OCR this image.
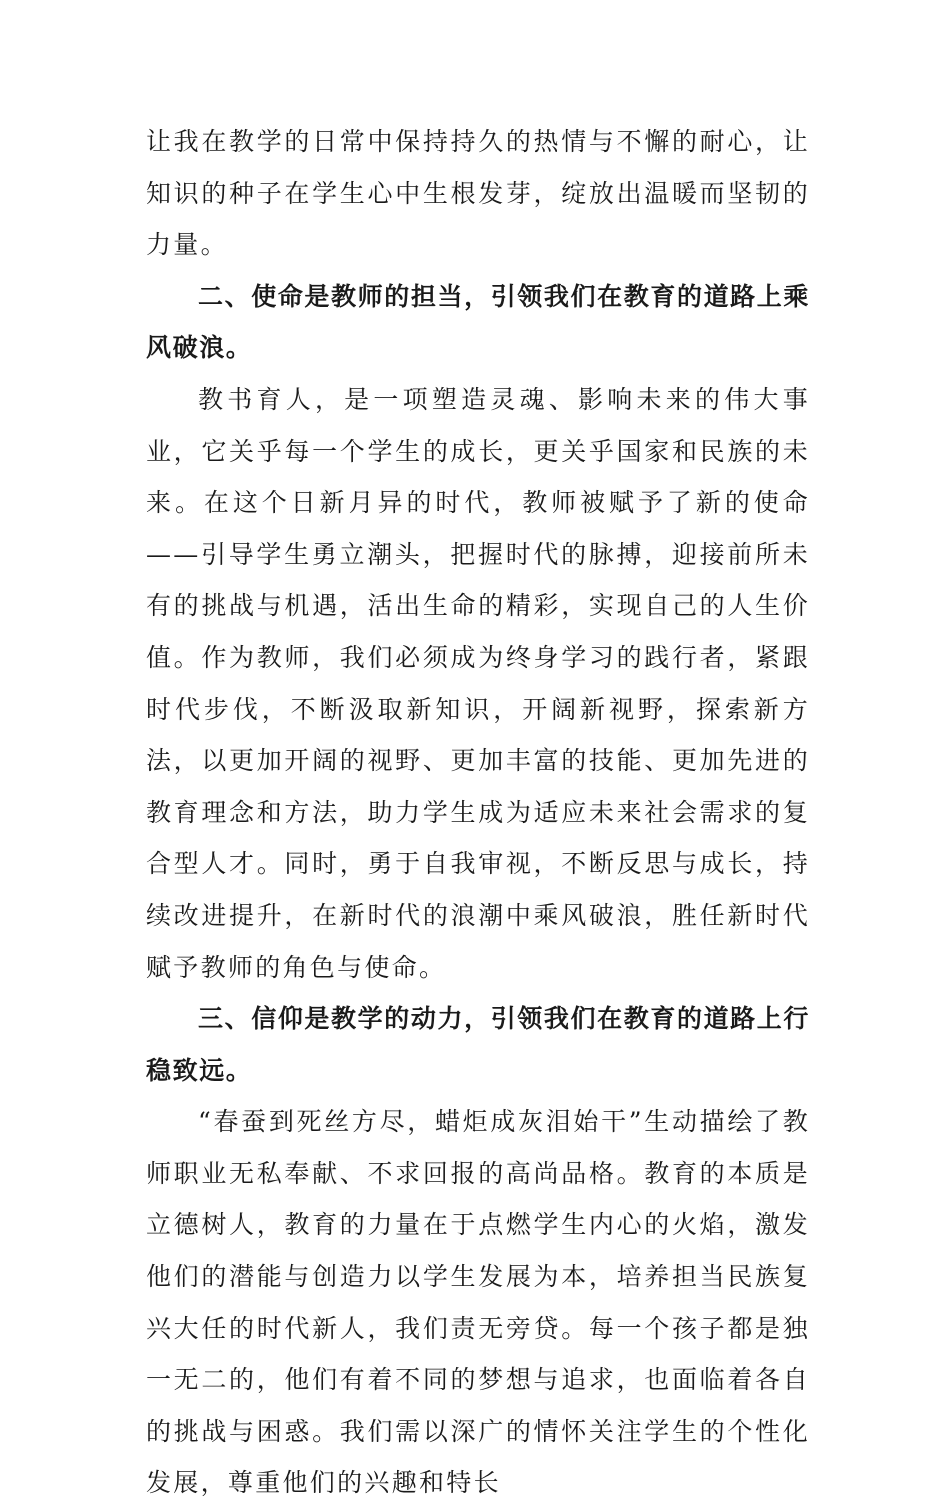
让我在教学的日常中保持持久的热情与不懈的耐心，让知识的种子在学生心中生根发芽，绽放出温暖而坚韧的力量。

二、使命是教师的担当，引领我们在教育的道路上乘风破浪。

教书育人，是一项塑造灵魂、影响未来的伟大事业，它关乎每一个学生的成长，更关乎国家和民族的未来。在这个日新月异的时代，教师被赋予了新的使命——引导学生勇立潮头，把握时代的脉搏，迎接前所未有的挑战与机遇，活出生命的精彩，实现自己的人生价值。作为教师，我们必须成为终身学习的践行者，紧跟时代步伐，不断汲取新知识，开阔新视野，探索新方法，以更加开阔的视野、更加丰富的技能、更加先进的教育理念和方法，助力学生成为适应未来社会需求的复合型人才。同时，勇于自我审视，不断反思与成长，持续改进提升，在新时代的浪潮中乘风破浪，胜任新时代赋予教师的角色与使命。

三、信仰是教学的动力，引领我们在教育的道路上行稳致远。

“春蚕到死丝方尽，蜡炬成灰泪始干”生动描绘了教师职业无私奉献、不求回报的高尚品格。教育的本质是立德树人，教育的力量在于点燃学生内心的火焰，激发他们的潜能与创造力以学生发展为本，培养担当民族复兴大任的时代新人，我们责无旁贷。每一个孩子都是独一无二的，他们有着不同的梦想与追求，也面临着各自的挑战与困惑。我们需以深广的情怀关注学生的个性化发展，尊重他们的兴趣和特长
